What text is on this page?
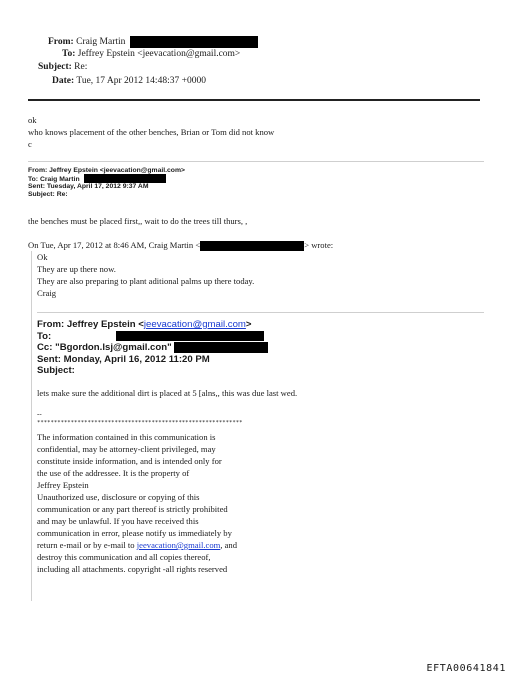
From: Craig Martin
To: Jeffrey Epstein <jeevacation@gmail.com>
Subject: Re:
Date: Tue, 17 Apr 2012 14:48:37 +0000
ok
who knows placement of the other benches, Brian or Tom did not know
c
From: Jeffrey Epstein <jeevacation@gmail.com>
To: Craig Martin
Sent: Tuesday, April 17, 2012 9:37 AM
Subject: Re:
the benches must be placed first,, wait to do the trees till thurs, ,
On Tue, Apr 17, 2012 at 8:46 AM, Craig Martin <	> wrote:
Ok
They are up there now.
They are also preparing to plant aditional palms up there today.
Craig
From: Jeffrey Epstein <jeevacation@gmail.com>
To:
Cc: "Bgordon.lsj@gmail.con"
Sent: Monday, April 16, 2012 11:20 PM
Subject:
lets make sure the additional dirt is placed at 5 [alns,, this was due last wed.
--
*************************************************************
The information contained in this communication is
confidential, may be attorney-client privileged, may
constitute inside information, and is intended only for
the use of the addressee. It is the property of
Jeffrey Epstein
Unauthorized use, disclosure or copying of this
communication or any part thereof is strictly prohibited
and may be unlawful. If you have received this
communication in error, please notify us immediately by
return e-mail or by e-mail to jeevacation@gmail.com, and
destroy this communication and all copies thereof,
including all attachments. copyright -all rights reserved
EFTA00641841
